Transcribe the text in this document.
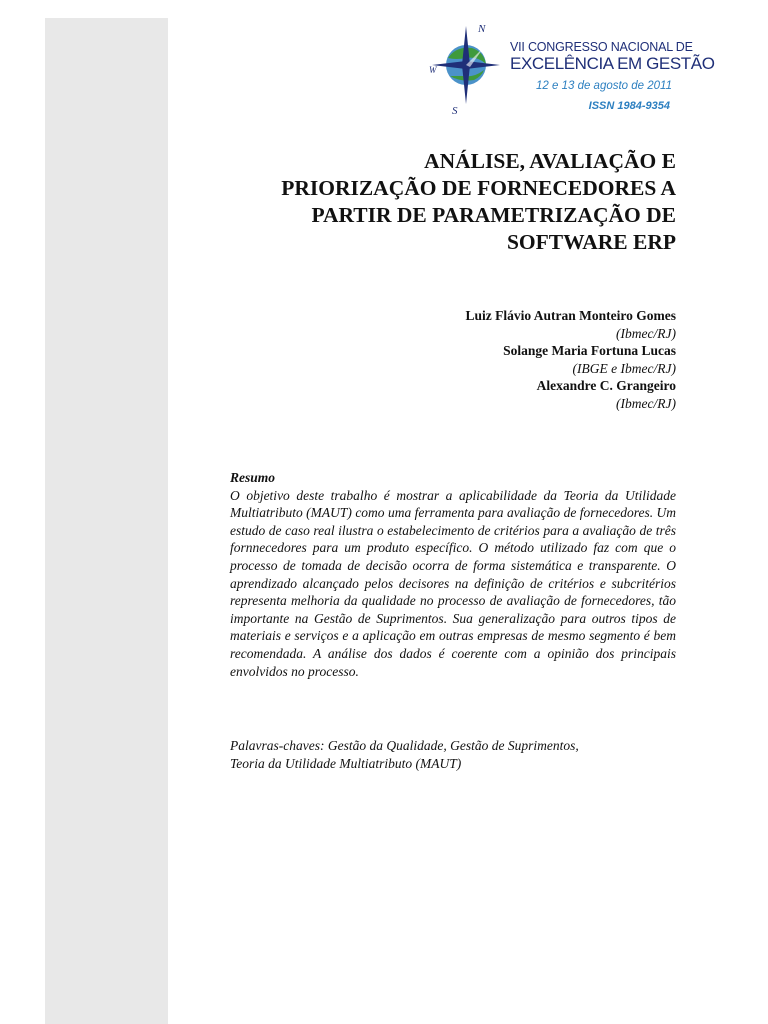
N
W
S
VII CONGRESSO NACIONAL DE
EXCELÊNCIA EM GESTÃO
12 e 13 de agosto de 2011
ISSN 1984-9354
ANÁLISE, AVALIAÇÃO E
PRIORIZAÇÃO DE FORNECEDORES A
PARTIR DE PARAMETRIZAÇÃO DE
SOFTWARE ERP
Luiz Flávio Autran Monteiro Gomes
(Ibmec/RJ)
Solange Maria Fortuna Lucas
(IBGE e Ibmec/RJ)
Alexandre C. Grangeiro
(Ibmec/RJ)
Resumo

O objetivo deste trabalho é mostrar a aplicabilidade da Teoria da Utilidade Multiatributo (MAUT) como uma ferramenta para avaliação de fornecedores. Um estudo de caso real ilustra o estabelecimento de critérios para a avaliação de três fornnecedores para um produto específico. O método utilizado faz com que o processo de tomada de decisão ocorra de forma sistemática e transparente. O aprendizado alcançado pelos decisores na definição de critérios e subcritérios representa melhoria da qualidade no processo de avaliação de fornecedores, tão importante na Gestão de Suprimentos. Sua generalização para outros tipos de materiais e serviços e a aplicação em outras empresas de mesmo segmento é bem recomendada. A análise dos dados é coerente com a opinião dos principais envolvidos no processo.

Palavras-chaves: Gestão da Qualidade, Gestão de Suprimentos,
Teoria da Utilidade Multiatributo (MAUT)
